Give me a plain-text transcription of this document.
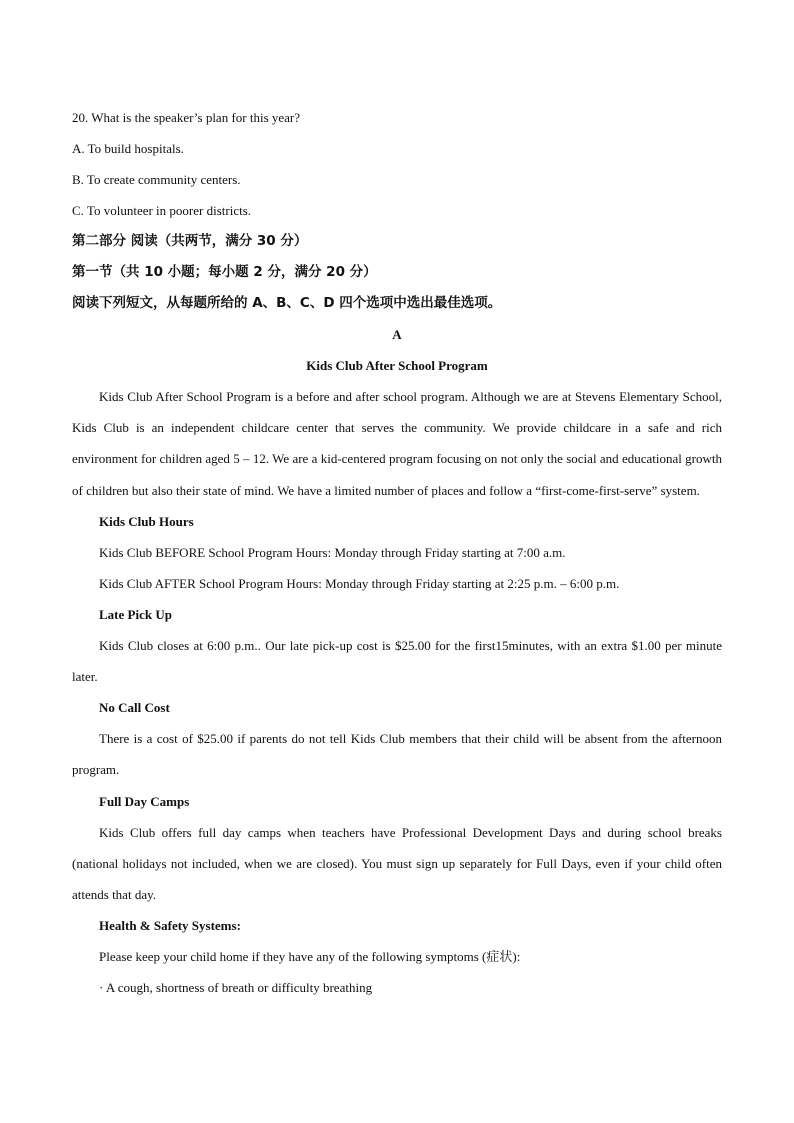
20. What is the speaker’s plan for this year?
A. To build hospitals.
B. To create community centers.
C. To volunteer in poorer districts.
第二部分 阅读（共两节，满分 30 分）
第一节（共 10 小题；每小题 2 分，满分 20 分）
阅读下列短文，从每题所给的 A、B、C、D 四个选项中选出最佳选项。
A
Kids Club After School Program

Kids Club After School Program is a before and after school program. Although we are at Stevens Elementary School, Kids Club is an independent childcare center that serves the community. We provide childcare in a safe and rich environment for children aged 5 – 12. We are a kid-centered program focusing on not only the social and educational growth of children but also their state of mind. We have a limited number of places and follow a “first-come-first-serve” system.

Kids Club Hours
Kids Club BEFORE School Program Hours: Monday through Friday starting at 7:00 a.m.
Kids Club AFTER School Program Hours: Monday through Friday starting at 2:25 p.m. – 6:00 p.m.
Late Pick Up

Kids Club closes at 6:00 p.m.. Our late pick-up cost is $25.00 for the first15minutes, with an extra $1.00 per minute later.

No Call Cost

There is a cost of $25.00 if parents do not tell Kids Club members that their child will be absent from the afternoon program.

Full Day Camps

Kids Club offers full day camps when teachers have Professional Development Days and during school breaks (national holidays not included, when we are closed). You must sign up separately for Full Days, even if your child often attends that day.

Health & Safety Systems:
Please keep your child home if they have any of the following symptoms (症状):
· A cough, shortness of breath or difficulty breathing
